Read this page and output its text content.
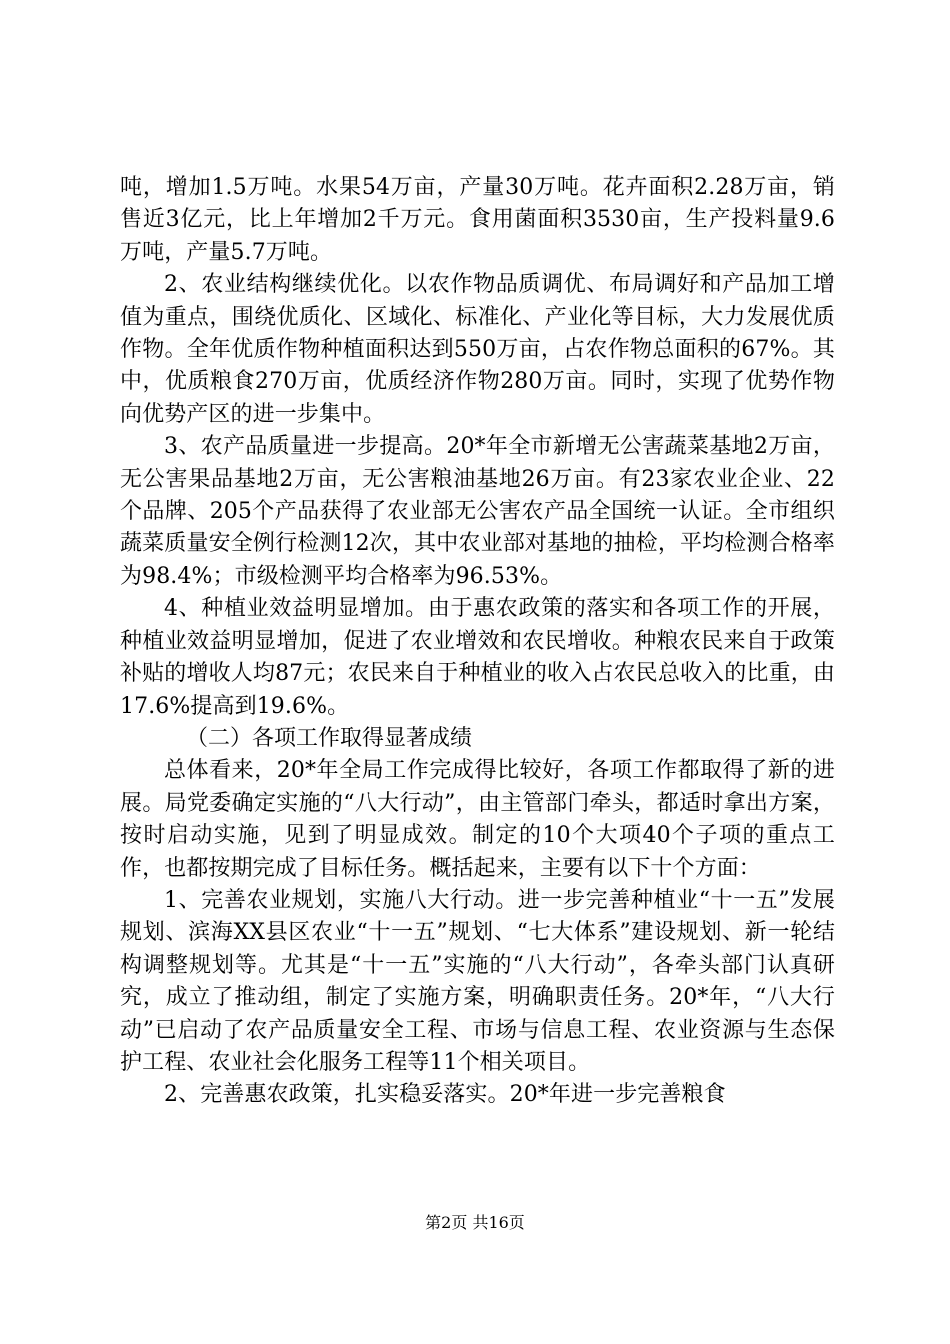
吨，增加1.5万吨。水果54万亩，产量30万吨。花卉面积2.28万亩，销售近3亿元，比上年增加2千万元。食用菌面积3530亩，生产投料量9.6万吨，产量5.7万吨。

2、农业结构继续优化。以农作物品质调优、布局调好和产品加工增值为重点，围绕优质化、区域化、标准化、产业化等目标，大力发展优质作物。全年优质作物种植面积达到550万亩，占农作物总面积的67%。其中，优质粮食270万亩，优质经济作物280万亩。同时，实现了优势作物向优势产区的进一步集中。

3、农产品质量进一步提高。20*年全市新增无公害蔬菜基地2万亩，无公害果品基地2万亩，无公害粮油基地26万亩。有23家农业企业、22个品牌、205个产品获得了农业部无公害农产品全国统一认证。全市组织蔬菜质量安全例行检测12次，其中农业部对基地的抽检，平均检测合格率为98.4%；市级检测平均合格率为96.53%。

4、种植业效益明显增加。由于惠农政策的落实和各项工作的开展，种植业效益明显增加，促进了农业增效和农民增收。种粮农民来自于政策补贴的增收人均87元；农民来自于种植业的收入占农民总收入的比重，由17.6%提高到19.6%。

（二）各项工作取得显著成绩

总体看来，20*年全局工作完成得比较好，各项工作都取得了新的进展。局党委确定实施的“八大行动”，由主管部门牵头，都适时拿出方案，按时启动实施，见到了明显成效。制定的10个大项40个子项的重点工作，也都按期完成了目标任务。概括起来，主要有以下十个方面：

1、完善农业规划，实施八大行动。进一步完善种植业“十一五”发展规划、滨海XX县区农业“十一五”规划、“七大体系”建设规划、新一轮结构调整规划等。尤其是“十一五”实施的“八大行动”，各牵头部门认真研究，成立了推动组，制定了实施方案，明确职责任务。20*年，“八大行动”已启动了农产品质量安全工程、市场与信息工程、农业资源与生态保护工程、农业社会化服务工程等11个相关项目。

2、完善惠农政策，扎实稳妥落实。20*年进一步完善粮食

第2页 共16页
